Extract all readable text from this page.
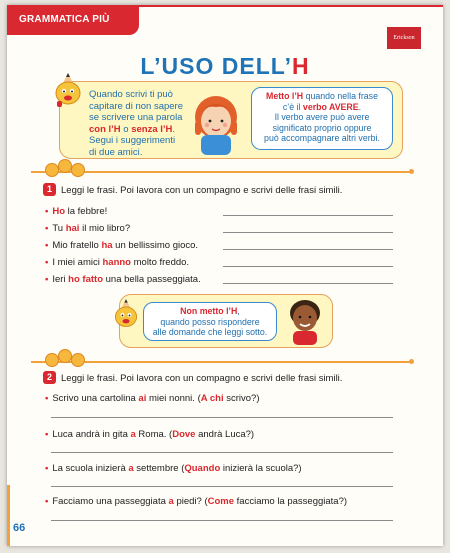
GRAMMATICA PIÙ
Erickson
L’USO DELL’H
Quando scrivi ti può
capitare di non sapere
se scrivere una parola
con l’H o senza l’H.
Segui i suggerimenti
di due amici.
Metto l’H quando nella frase
c’è il verbo AVERE.
Il verbo avere può avere
significato proprio oppure
può accompagnare altri verbi.
1 Leggi le frasi. Poi lavora con un compagno e scrivi delle frasi simili.
• Ho la febbre!
• Tu hai il mio libro?
• Mio fratello ha un bellissimo gioco.
• I miei amici hanno molto freddo.
• Ieri ho fatto una bella passeggiata.
Non metto l’H,
quando posso rispondere
alle domande che leggi sotto.
2 Leggi le frasi. Poi lavora con un compagno e scrivi delle frasi simili.
• Scrivo una cartolina ai miei nonni. (A chi scrivo?)
• Luca andrà in gita a Roma. (Dove andrà Luca?)
• La scuola inizierà a settembre (Quando inizierà la scuola?)
• Facciamo una passeggiata a piedi? (Come facciamo la passeggiata?)
66
